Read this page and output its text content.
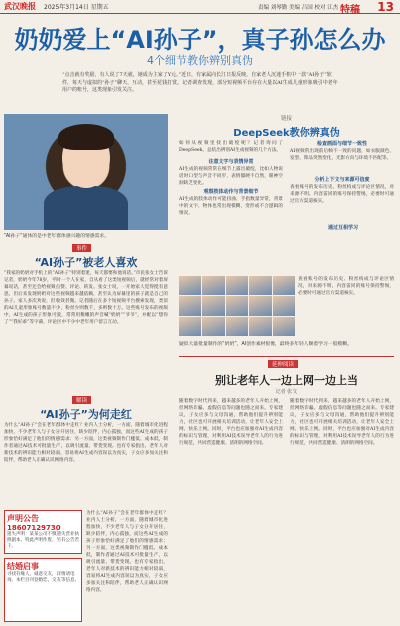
武汉晚报 2025年3月14日 星期五	责编 刘琴勤 美编 吕国 校对 江杰 特稿 13
奶奶爱上“AI孙子”，真子孙怎么办
4个细节教你辨别真伪
“点击就有奖励，有人说了7天就，她成为主家了Y元。”近日，有家属向长江日报反映，自家老人沉迷手机中一款“AI孙子”软件，每天与虚拟的“孙子”聊天、互动，甚至花钱打赏。记者调查发现，部分短视频平台存在大量以AI生成儿童形象吸引中老年用户的账号，这类现象引发关注。
“AI孙子”通体的是中老年群体感兴趣的情感需求。
事件
“AI孙子”被老人喜欢
“我家的奶奶对手机上的“AI孙子”特别着迷，每天都要和他说话。”市民张女士告诉记者，奶奶今年78岁，平时一个人在家，自从看了这类短视频后，就经常对着屏幕说话，甚至还会给视频点赞、评论、转发。张女士说，一开始家人觉得挺有意思，但后来发现奶奶对这些视频越来越依赖，甚至认为屏幕里的孩子就是自己的孙子。家人多次劝说，但收效甚微。记者随后在多个短视频平台搜索发现，类似的AI儿童形象账号数量不少，粉丝少则数千，多则数十万。这些账号发布的视频中，AI生成的孩子形象可爱，常常用稚嫩的声音喊“奶奶”“爷爷”，并配以“想你了”“我好乖”等字幕，评论区中不少中老年用户留言互动。
解读
“AI孙子”为何走红
为什么“AI孙子”会在老年群体中走红？业内人士分析，一方面，随着城市化进程加快，不少老年人与子女分开居住，缺少陪伴，内心孤独，而这些AI生成的孩子形象恰好满足了他们的情感需求；另一方面，这类视频制作门槛低、成本低，制作者通过AI技术可批量生产，以吸引流量、带货变现。也有专家指出，老年人对新技术的辨识能力相对较弱，容易将AI生成内容误以为真实，子女应多加关注和陪伴，帮助老人正确认识网络内容。
声明公告
18607129730
遗失声明：某某公司不慎遗失营业执照副本，特此声明作废。另有公告若干。
结婚启事
寻找有缘人，诚意交友，详情请电询。本栏目刊登婚恋、交友等信息。
为什么“AI孙子”会在老年群体中走红？业内人士分析，一方面，随着城市化进程加快，不少老年人与子女分开居住，缺少陪伴，内心孤独，而这些AI生成的孩子形象恰好满足了他们的情感需求；另一方面，这类视频制作门槛低、成本低，制作者通过AI技术可批量生产，以吸引流量、带货变现。也有专家指出，老年人对新技术的辨识能力相对较弱，容易将AI生成内容误以为真实，子女应多加关注和陪伴，帮助老人正确认识网络内容。
链接
DeepSeek教你辨真伪
如何从视频里找出破绽呢？记者询问了DeepSeek，总结出辨别AI生成视频的几个方法。
注意文字与表情异常
AI生成的视频常常在细节上露出破绽，比如人物说话时口型与声音不同步，表情僵硬不自然，眼神空洞缺乏变化。
观察肢体动作与背景细节
AI生成的肢体动作可能扭曲、手指数量异常，背景中的文字、物体也常出现模糊、变形或不合逻辑的情况。
检查画面与细节一致性
AI视频常出现前后帧不一致的问题，如衣服颜色、发型、饰品突然变化，光影方向与环境不匹配等。
分析上下文与来源可信度
查看账号的发布历史、粉丝构成与评论区情况，对来源不明、内容雷同的账号保持警惕，必要时可通过官方渠道核实。
通过互相学习
查看账号的发布历史、粉丝构成与评论区情况，对来源不明、内容雷同的账号保持警惕，必要时可通过官方渠道核实。
疑似大量批量制作的“奶奶”，AI创作素材很像，最终多年轻人顺着学习一般模糊。
延伸阅读
别让老年人一边上网一边上当
记者 张文
随着数字时代到来，越来越多的老年人开始上网，但网络诈骗、虚假信息等问题也随之而来。专家建议，子女应多与父母沟通，帮助他们提升辨别能力，社区也可开展相关培训活动，让老年人安全上网、快乐上网。同时，平台也应加强对AI生成内容的标识与管理，对利用AI技术误导老年人的行为进行规范，共同营造健康、清朗的网络空间。
随着数字时代到来，越来越多的老年人开始上网，但网络诈骗、虚假信息等问题也随之而来。专家建议，子女应多与父母沟通，帮助他们提升辨别能力，社区也可开展相关培训活动，让老年人安全上网、快乐上网。同时，平台也应加强对AI生成内容的标识与管理，对利用AI技术误导老年人的行为进行规范，共同营造健康、清朗的网络空间。
